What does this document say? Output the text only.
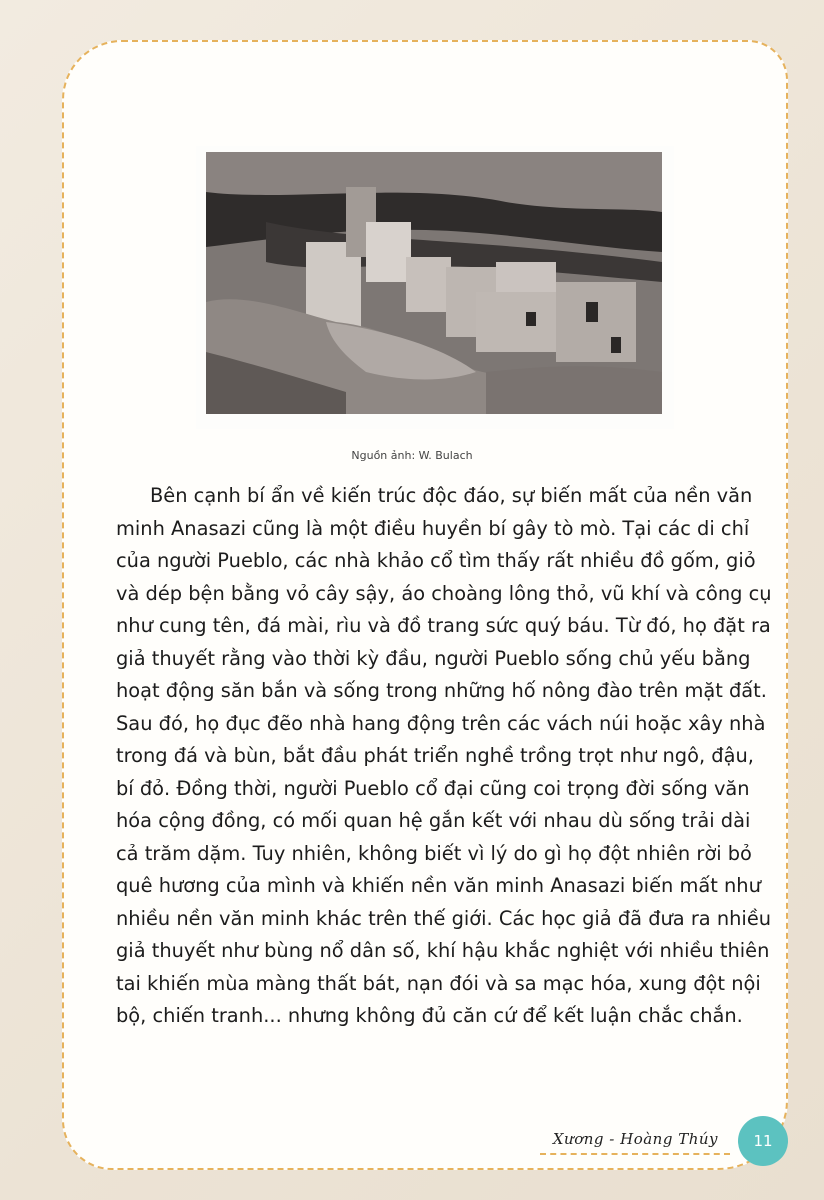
Nguồn ảnh: W. Bulach
Bên cạnh bí ẩn về kiến trúc độc đáo, sự biến mất của nền văn
minh Anasazi cũng là một điều huyền bí gây tò mò. Tại các di chỉ
của người Pueblo, các nhà khảo cổ tìm thấy rất nhiều đồ gốm, giỏ
và dép bện bằng vỏ cây sậy, áo choàng lông thỏ, vũ khí và công cụ
như cung tên, đá mài, rìu và đồ trang sức quý báu. Từ đó, họ đặt ra
giả thuyết rằng vào thời kỳ đầu, người Pueblo sống chủ yếu bằng
hoạt động săn bắn và sống trong những hố nông đào trên mặt đất.
Sau đó, họ đục đẽo nhà hang động trên các vách núi hoặc xây nhà
trong đá và bùn, bắt đầu phát triển nghề trồng trọt như ngô, đậu,
bí đỏ. Đồng thời, người Pueblo cổ đại cũng coi trọng đời sống văn
hóa cộng đồng, có mối quan hệ gắn kết với nhau dù sống trải dài
cả trăm dặm. Tuy nhiên, không biết vì lý do gì họ đột nhiên rời bỏ
quê hương của mình và khiến nền văn minh Anasazi biến mất như
nhiều nền văn minh khác trên thế giới. Các học giả đã đưa ra nhiều
giả thuyết như bùng nổ dân số, khí hậu khắc nghiệt với nhiều thiên
tai khiến mùa màng thất bát, nạn đói và sa mạc hóa, xung đột nội
bộ, chiến tranh... nhưng không đủ căn cứ để kết luận chắc chắn.
Xương - Hoàng Thúy 11
